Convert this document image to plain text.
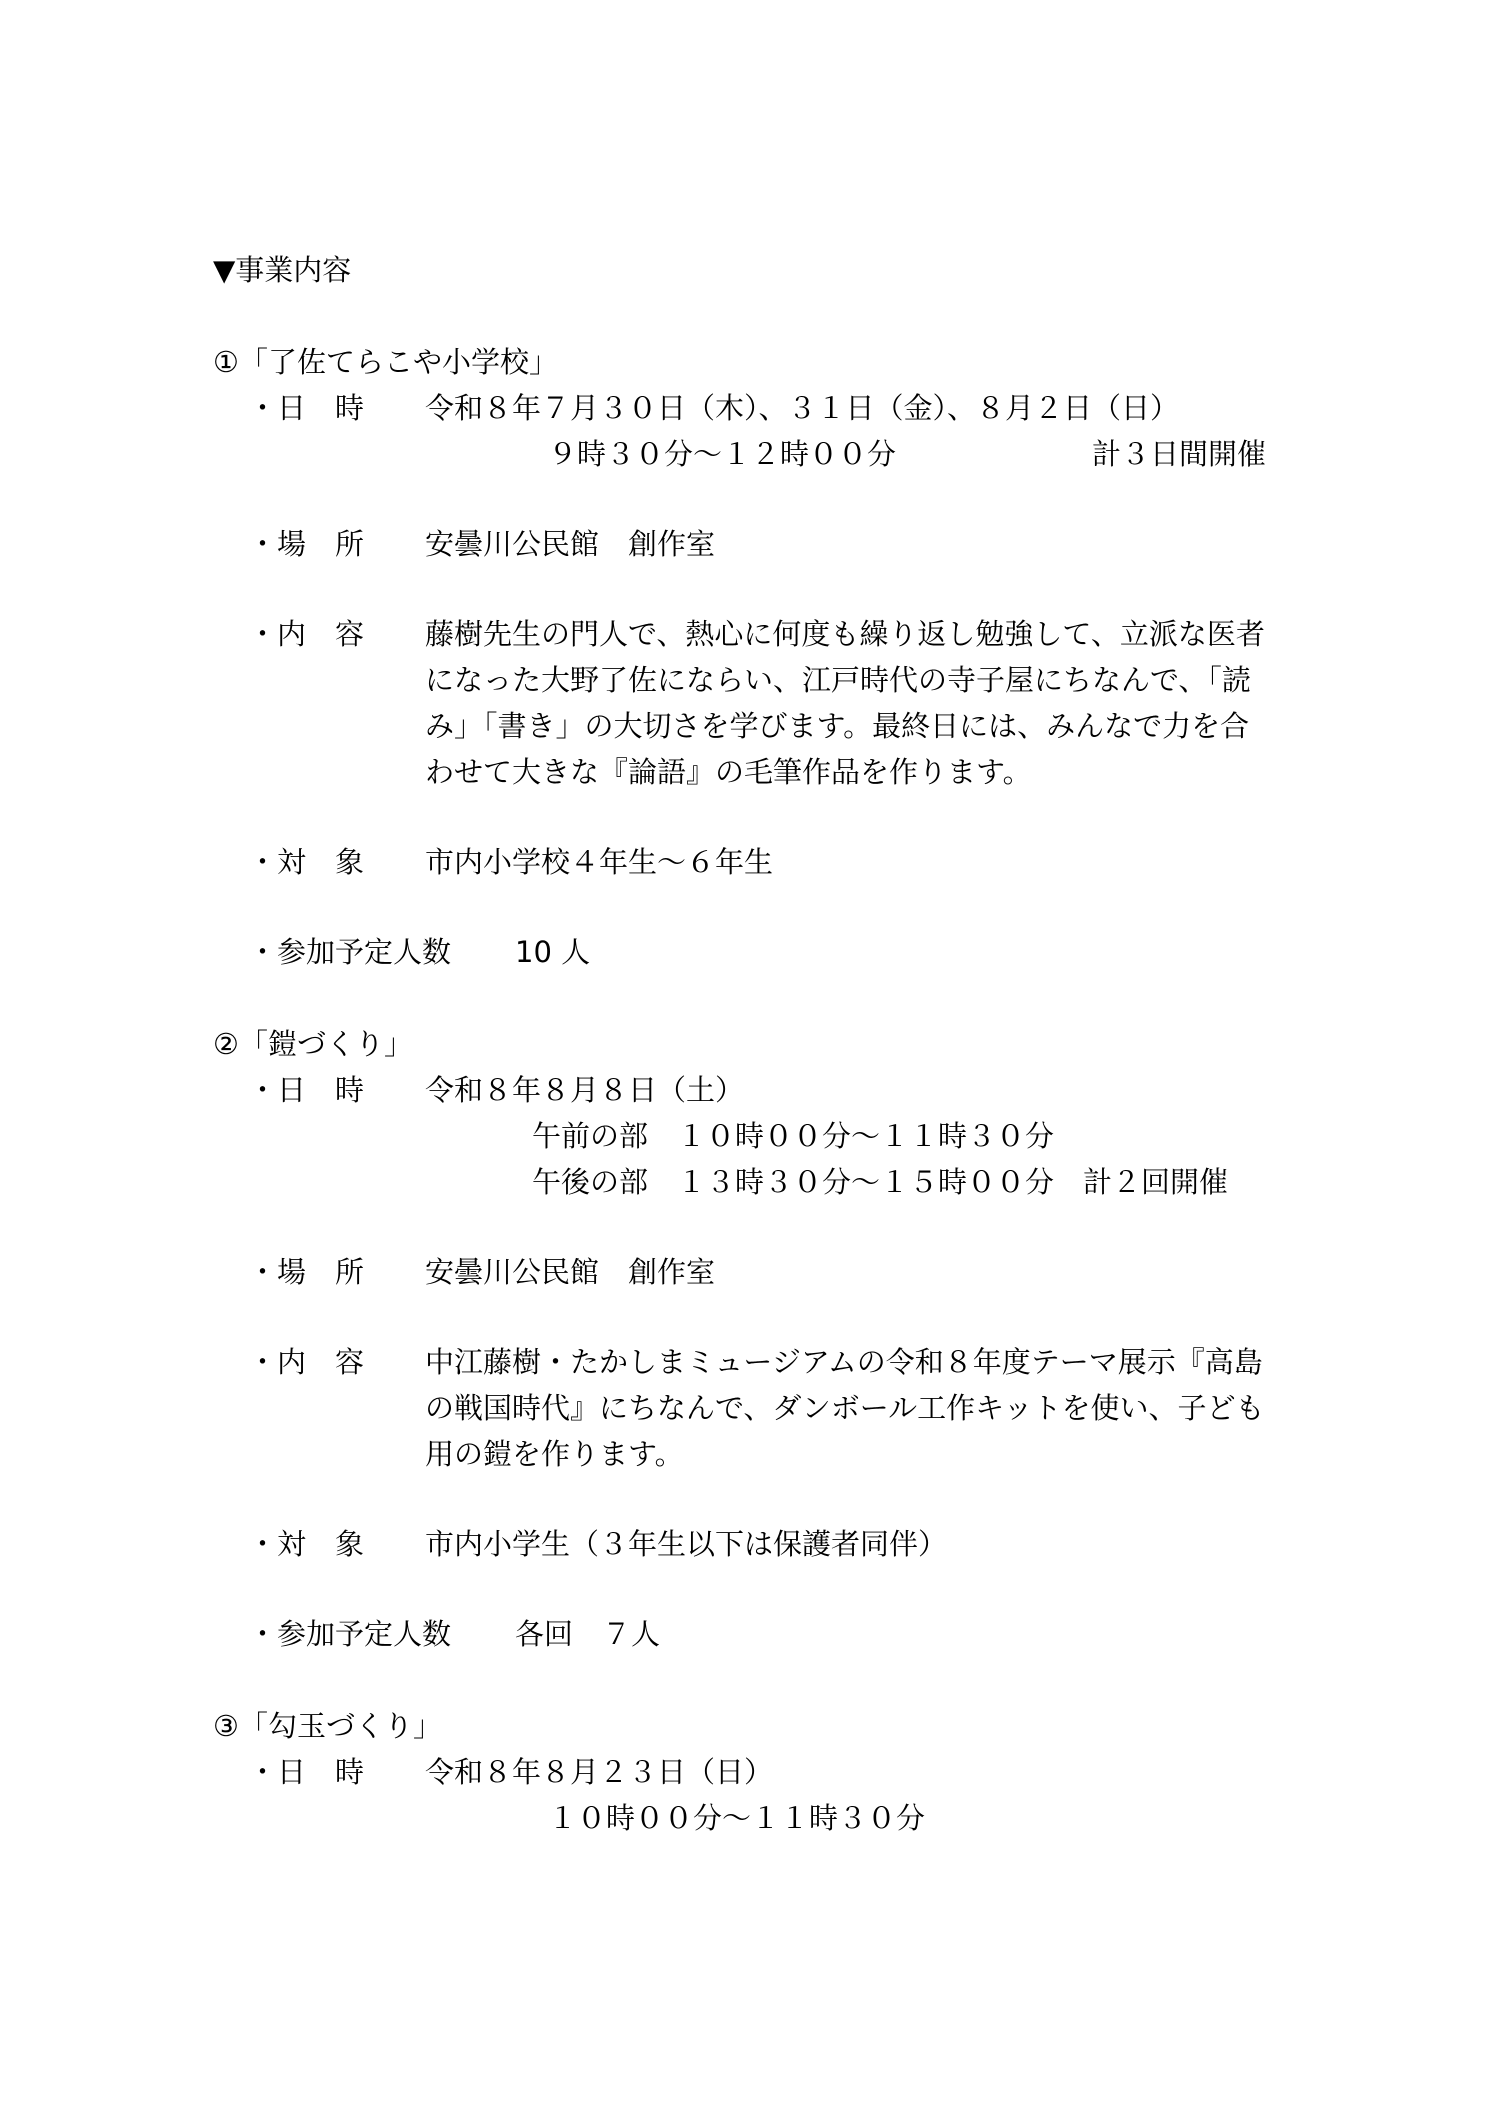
▼事業内容
①「了佐てらこや小学校」
・日　時 令和８年７月３０日（木）、３１日（金）、８月２日（日）
９時３０分～１２時００分	計３日間開催
・場　所 安曇川公民館　創作室
・内　容 藤樹先生の門人で、熱心に何度も繰り返し勉強して、立派な医者
になった大野了佐にならい、江戸時代の寺子屋にちなんで、「読
み」「書き」の大切さを学びます。最終日には、みんなで力を合
わせて大きな『論語』の毛筆作品を作ります。
・対　象 市内小学校４年生～６年生
・参加予定人数 10 人
②「鎧づくり」
・日　時 令和８年８月８日（土）
午前の部　１０時００分～１１時３０分
午後の部　１３時３０分～１５時００分　計２回開催
・場　所 安曇川公民館　創作室
・内　容 中江藤樹・たかしまミュージアムの令和８年度テーマ展示『高島
の戦国時代』にちなんで、ダンボール工作キットを使い、子ども
用の鎧を作ります。
・対　象 市内小学生（３年生以下は保護者同伴）
・参加予定人数 各回　７人
③「勾玉づくり」
・日　時 令和８年８月２３日（日）
１０時００分～１１時３０分
